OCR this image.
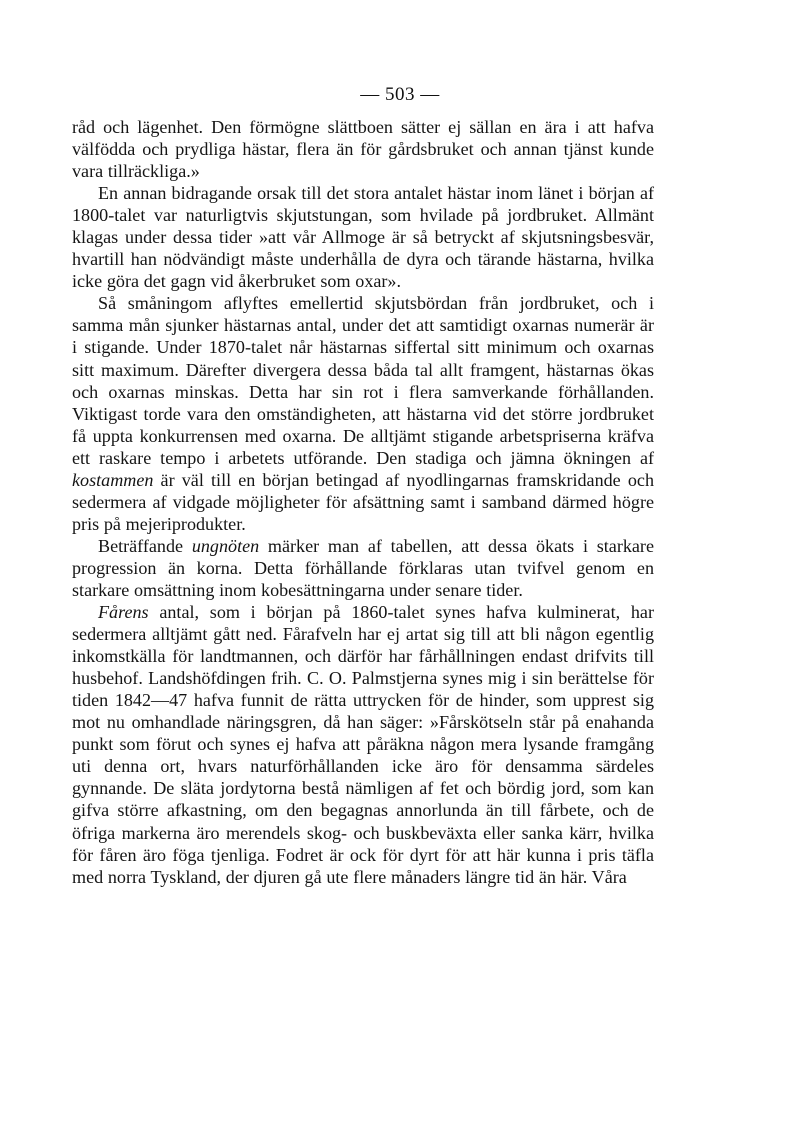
— 503 —

råd och lägenhet. Den förmögne slättboen sätter ej sällan en ära i att hafva välfödda och prydliga hästar, flera än för gårdsbruket och annan tjänst kunde vara tillräckliga.»

En annan bidragande orsak till det stora antalet hästar inom länet i början af 1800-talet var naturligtvis skjutstungan, som hvilade på jordbruket. Allmänt klagas under dessa tider »att vår Allmoge är så betryckt af skjutsningsbesvär, hvartill han nödvändigt måste underhålla de dyra och tärande hästarna, hvilka icke göra det gagn vid åkerbruket som oxar».

Så småningom aflyftes emellertid skjutsbördan från jordbruket, och i samma mån sjunker hästarnas antal, under det att samtidigt oxarnas numerär är i stigande. Under 1870-talet når hästarnas siffertal sitt minimum och oxarnas sitt maximum. Därefter divergera dessa båda tal allt framgent, hästarnas ökas och oxarnas minskas. Detta har sin rot i flera samverkande förhållanden. Viktigast torde vara den omständigheten, att hästarna vid det större jordbruket få uppta konkurrensen med oxarna. De alltjämt stigande arbetspriserna kräfva ett raskare tempo i arbetets utförande. Den stadiga och jämna ökningen af kostammen är väl till en början betingad af nyodlingarnas framskridande och sedermera af vidgade möjligheter för afsättning samt i samband därmed högre pris på mejeriprodukter.

Beträffande ungnöten märker man af tabellen, att dessa ökats i starkare progression än korna. Detta förhållande förklaras utan tvifvel genom en starkare omsättning inom kobesättningarna under senare tider.

Fårens antal, som i början på 1860-talet synes hafva kulminerat, har sedermera alltjämt gått ned. Fårafveln har ej artat sig till att bli någon egentlig inkomstkälla för landtmannen, och därför har fårhållningen endast drifvits till husbehof. Landshöfdingen frih. C. O. Palmstjerna synes mig i sin berättelse för tiden 1842—47 hafva funnit de rätta uttrycken för de hinder, som upprest sig mot nu omhandlade näringsgren, då han säger: »Fårskötseln står på enahanda punkt som förut och synes ej hafva att påräkna någon mera lysande framgång uti denna ort, hvars naturförhållanden icke äro för densamma särdeles gynnande. De släta jordytorna bestå nämligen af fet och bördig jord, som kan gifva större afkastning, om den begagnas annorlunda än till fårbete, och de öfriga markerna äro merendels skog- och buskbeväxta eller sanka kärr, hvilka för fåren äro föga tjenliga. Fodret är ock för dyrt för att här kunna i pris täfla med norra Tyskland, der djuren gå ute flere månaders längre tid än här. Våra
